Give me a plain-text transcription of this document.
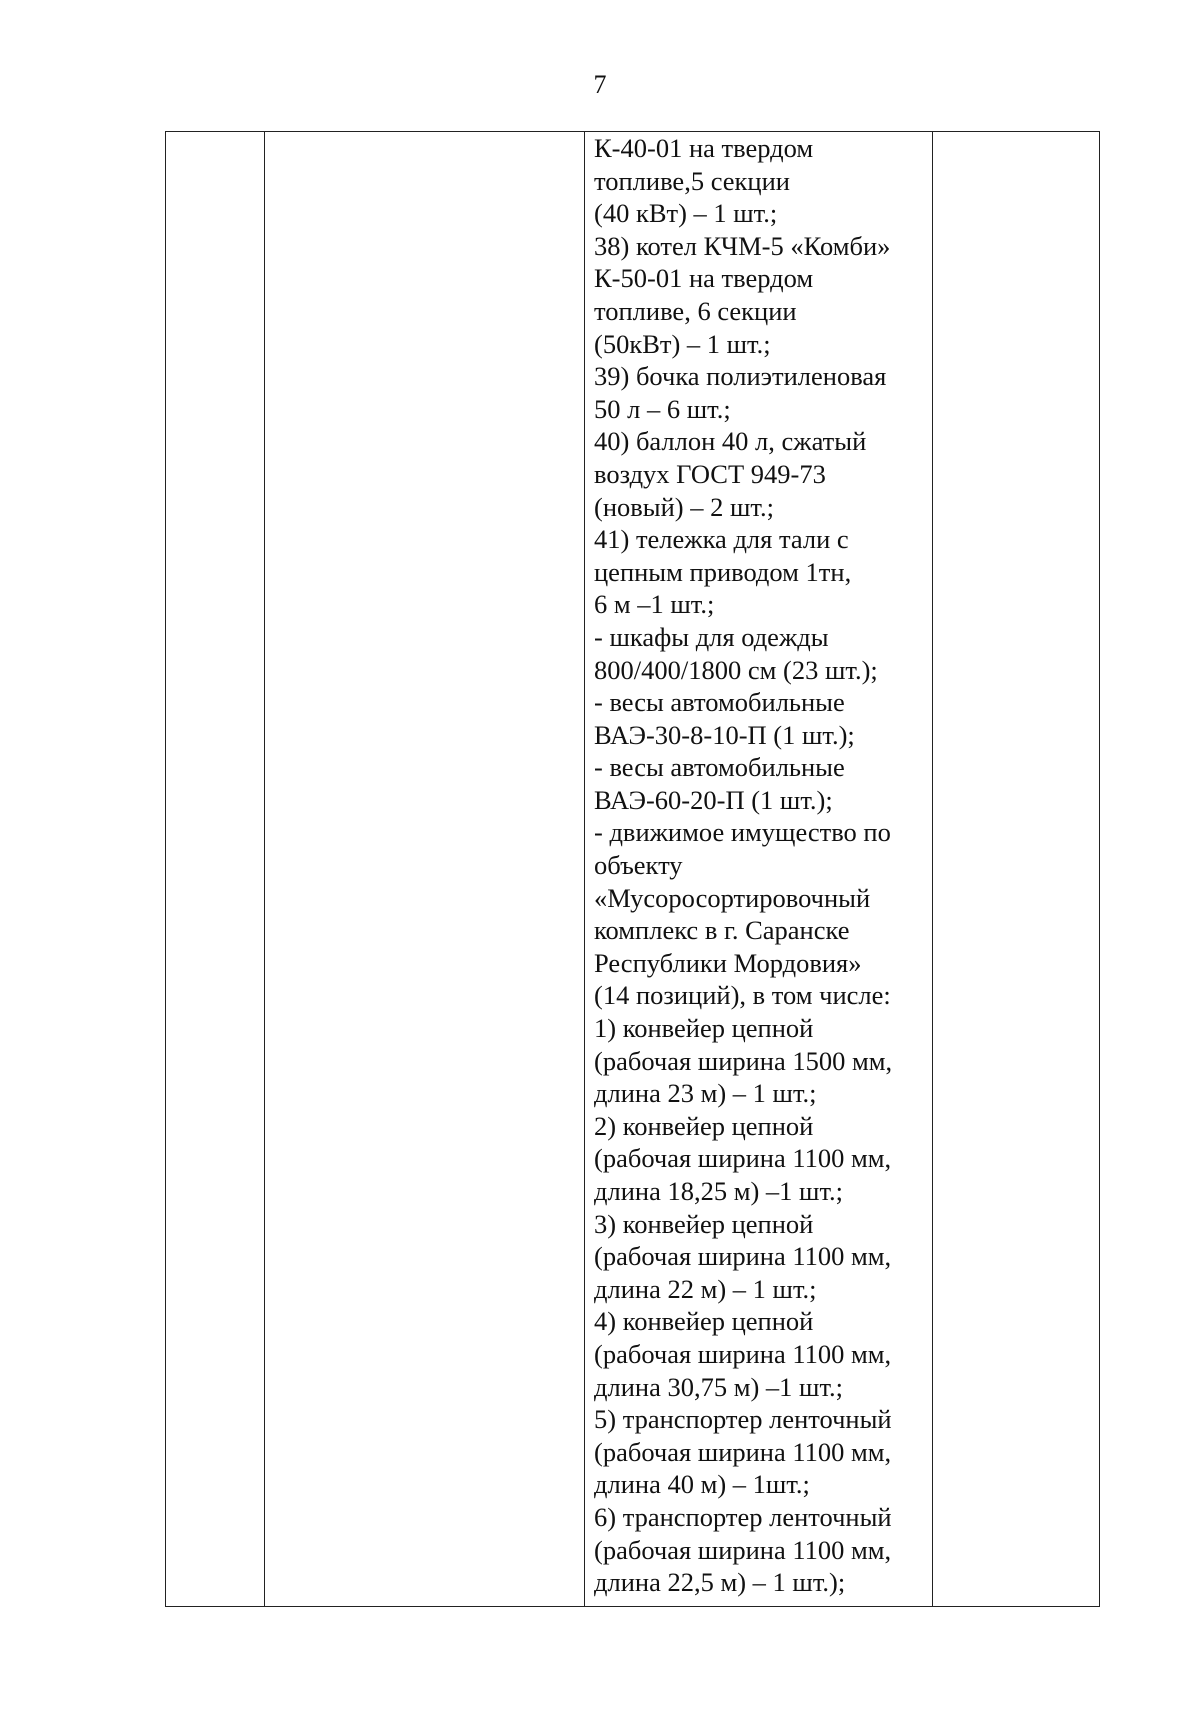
7
К-40-01 на твердом
топливе,5 секции
(40 кВт) – 1 шт.;
38) котел КЧМ-5 «Комби»
К-50-01 на твердом
топливе, 6 секции
(50кВт) – 1 шт.;
39) бочка полиэтиленовая
50 л – 6 шт.;
40) баллон 40 л, сжатый
воздух ГОСТ 949-73
(новый) – 2 шт.;
41) тележка для тали с
цепным приводом 1тн,
6 м –1 шт.;
- шкафы для одежды
800/400/1800 см (23 шт.);
- весы автомобильные
ВАЭ-30-8-10-П (1 шт.);
- весы автомобильные
ВАЭ-60-20-П (1 шт.);
- движимое имущество по
объекту
«Мусоросортировочный
комплекс в г. Саранске
Республики Мордовия»
(14 позиций), в том числе:
1) конвейер цепной
(рабочая ширина 1500 мм,
длина 23 м) – 1 шт.;
2) конвейер цепной
(рабочая ширина 1100 мм,
длина 18,25 м) –1 шт.;
3) конвейер цепной
(рабочая ширина 1100 мм,
длина 22 м) – 1 шт.;
4) конвейер цепной
(рабочая ширина 1100 мм,
длина 30,75 м) –1 шт.;
5) транспортер ленточный
(рабочая ширина 1100 мм,
длина 40 м) – 1шт.;
6) транспортер ленточный
(рабочая ширина 1100 мм,
длина 22,5 м) – 1 шт.);
